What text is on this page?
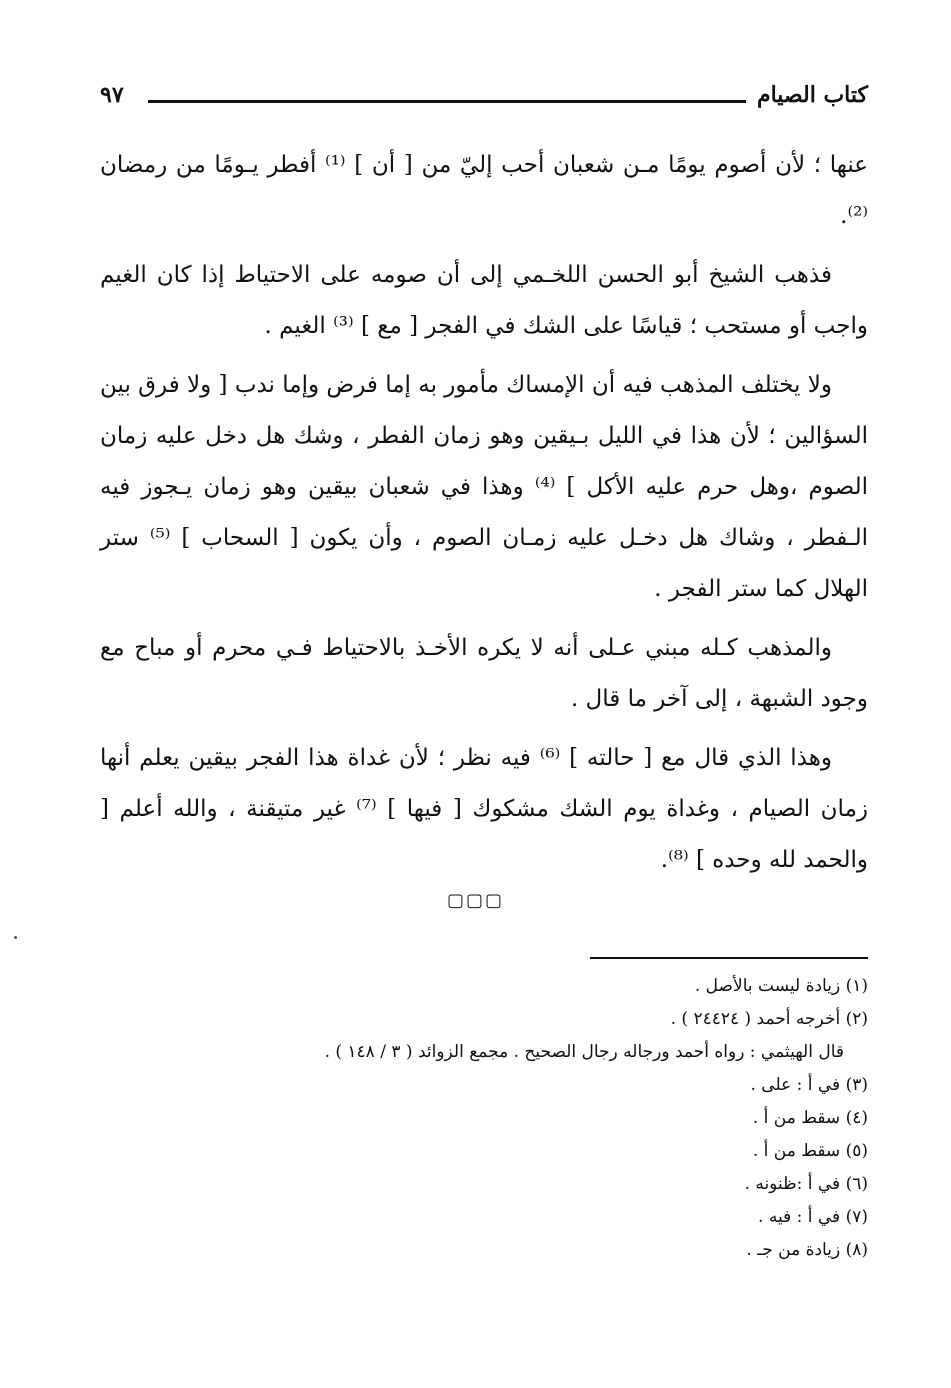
كتاب الصيام
٩٧

عنها ؛ لأن أصوم يومًا مـن شعبان أحب إليّ من [ أن ] ⁽¹⁾ أفطر يـومًا من رمضان ⁽²⁾.

فذهب الشيخ أبو الحسن اللخـمي إلى أن صومه على الاحتياط إذا كان الغيم واجب أو مستحب ؛ قياسًا على الشك في الفجر [ مع ] ⁽³⁾ الغيم .

ولا يختلف المذهب فيه أن الإمساك مأمور به إما فرض وإما ندب [ ولا فرق بين السؤالين ؛ لأن هذا في الليل بـيقين وهو زمان الفطر ، وشك هل دخل عليه زمان الصوم ،وهل حرم عليه الأكل ] ⁽⁴⁾ وهذا في شعبان بيقين وهو زمان يـجوز فيه الـفطر ، وشاك هل دخـل عليه زمـان الصوم ، وأن يكون [ السحاب ] ⁽⁵⁾ ستر الهلال كما ستر الفجر .

والمذهب كـله مبني عـلى أنه لا يكره الأخـذ بالاحتياط فـي محرم أو مباح مع وجود الشبهة ، إلى آخر ما قال .

وهذا الذي قال مع [ حالته ] ⁽⁶⁾ فيه نظر ؛ لأن غداة هذا الفجر بيقين يعلم أنها زمان الصيام ، وغداة يوم الشك مشكوك [ فيها ] ⁽⁷⁾ غير متيقنة ، والله أعلم [ والحمد لله وحده ] ⁽⁸⁾.

▢▢▢
(١) زيادة ليست بالأصل .
(٢) أخرجه أحمد ( ٢٤٤٢٤ ) .
قال الهيثمي : رواه أحمد ورجاله رجال الصحيح . مجمع الزوائد ( ٣ / ١٤٨ ) .
(٣) في أ : على .
(٤) سقط من أ .
(٥) سقط من أ .
(٦) في أ :ظنونه .
(٧) في أ : فيه .
(٨) زيادة من جـ .
